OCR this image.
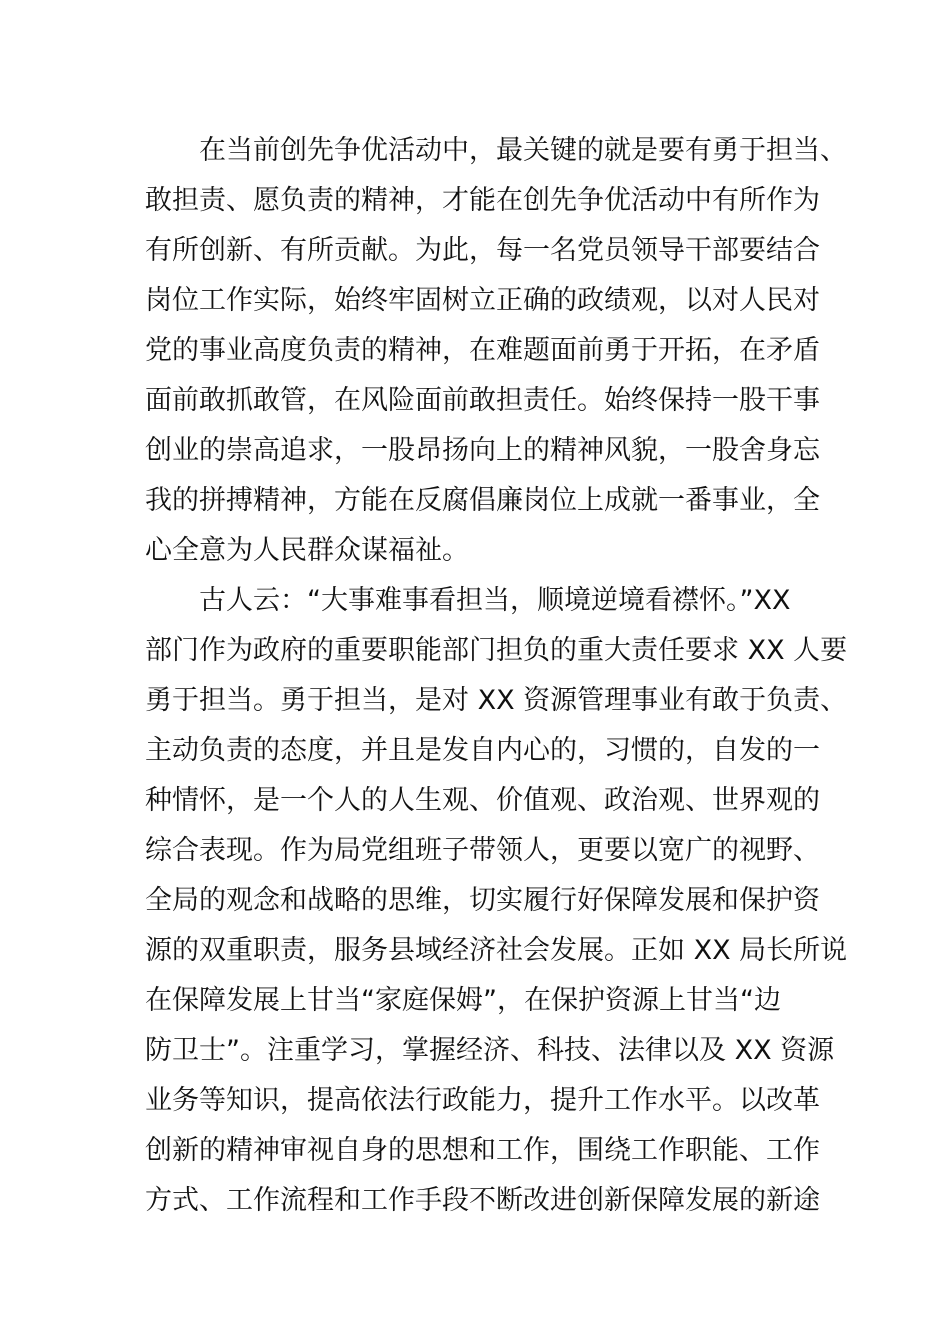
在当前创先争优活动中，最关键的就是要有勇于担当、
敢担责、愿负责的精神，才能在创先争优活动中有所作为
有所创新、有所贡献。为此，每一名党员领导干部要结合
岗位工作实际，始终牢固树立正确的政绩观，以对人民对
党的事业高度负责的精神，在难题面前勇于开拓，在矛盾
面前敢抓敢管，在风险面前敢担责任。始终保持一股干事
创业的崇高追求，一股昂扬向上的精神风貌，一股舍身忘
我的拼搏精神，方能在反腐倡廉岗位上成就一番事业，全
心全意为人民群众谋福祉。
古人云：“大事难事看担当，顺境逆境看襟怀。”XX
部门作为政府的重要职能部门担负的重大责任要求 XX 人要
勇于担当。勇于担当，是对 XX 资源管理事业有敢于负责、
主动负责的态度，并且是发自内心的，习惯的，自发的一
种情怀，是一个人的人生观、价值观、政治观、世界观的
综合表现。作为局党组班子带领人，更要以宽广的视野、
全局的观念和战略的思维，切实履行好保障发展和保护资
源的双重职责，服务县域经济社会发展。正如 XX 局长所说
在保障发展上甘当“家庭保姆”，在保护资源上甘当“边
防卫士”。注重学习，掌握经济、科技、法律以及 XX 资源
业务等知识，提高依法行政能力，提升工作水平。以改革
创新的精神审视自身的思想和工作，围绕工作职能、工作
方式、工作流程和工作手段不断改进创新保障发展的新途
